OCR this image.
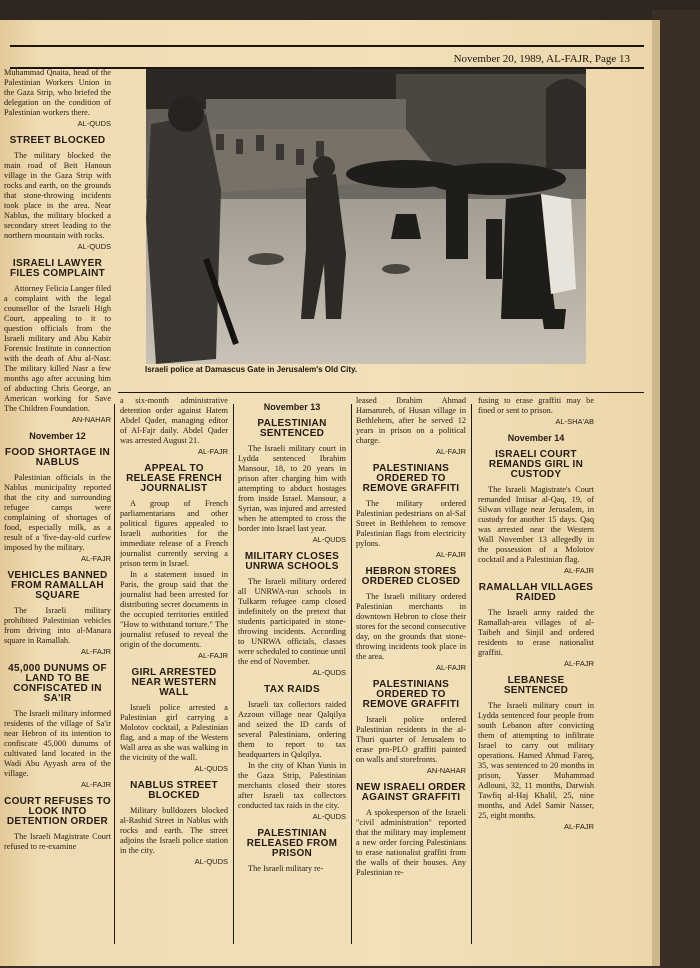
November 20, 1989, AL-FAJR, Page 13
Israeli police at Damascus Gate in Jerusalem's Old City.

Muhammad Qnaita, head of the Palestinian Workers Union in the Gaza Strip, who briefed the delegation on the condition of Palestinian workers there.

AL-QUDS
STREET BLOCKED

The military blocked the main road of Beit Hanoun village in the Gaza Strip with rocks and earth, on the grounds that stone-throwing incidents took place in the area. Near Nablus, the military blocked a secondary street leading to the northern mountain with rocks.

AL-QUDS
ISRAELI LAWYER FILES COMPLAINT

Attorney Felicia Langer filed a complaint with the legal counsellor of the Israeli High Court, appealing to it to question officials from the Israeli military and Abu Kabir Forensic Institute in connection with the death of Abu al-Nasr. The military killed Nasr a few months ago after accusing him of abducting Chris George, an American working for Save The Children Foundation.

AN-NAHAR
November 12
FOOD SHORTAGE IN NABLUS

Palestinian officials in the Nablus municipality reported that the city and surrounding refugee camps were complaining of shortages of food, especially milk, as a result of a 'five-day-old curfew imposed by the military.

AL-FAJR
VEHICLES BANNED FROM RAMALLAH SQUARE

The Israeli military prohibited Palestinian vehicles from driving into al-Manara square in Ramallah.

AL-FAJR
45,000 DUNUMS OF LAND TO BE CONFISCATED IN SA'IR

The Israeli military informed residents of the village of Sa'ir near Hebron of its intention to confiscate 45,000 dunums of cultivated land located in the Wadi Abu Ayyash area of the village.

AL-FAJR
COURT REFUSES TO LOOK INTO DETENTION ORDER

The Israeli Magistrate Court refused to re-examine

a six-month administrative detention order against Hatem Abdel Qader, managing editor of Al-Fajr daily. Abdel Qader was arrested August 21.

AL-FAJR
APPEAL TO RELEASE FRENCH JOURNALIST

A group of French parliamentarians and other political figures appealed to Israeli authorities for the immediate release of a French journalist currently serving a prison term in Israel.

In a statement issued in Paris, the group said that the journalist had been arrested for distributing secret documents in the occupied territories entitled "How to withstand torture." The journalist refused to reveal the origin of the documents.

AL-FAJR
GIRL ARRESTED NEAR WESTERN WALL

Israeli police arrested a Palestinian girl carrying a Molotov cocktail, a Palestinian flag, and a map of the Western Wall area as she was walking in the vicinity of the wall.

AL-QUDS
NABLUS STREET BLOCKED

Military bulldozers blocked al-Rashid Street in Nablus with rocks and earth. The street adjoins the Israeli police station in the city.

AL-QUDS
November 13
PALESTINIAN SENTENCED

The Israeli military court in Lydda sentenced Ibrahim Mansour, 18, to 20 years in prison after charging him with attempting to abduct hostages from inside Israel. Mansour, a Syrian, was injured and arrested when he attempted to cross the border into Israel last year.

AL-QUDS
MILITARY CLOSES UNRWA SCHOOLS

The Israeli military ordered all UNRWA-run schools in Tulkarm refugee camp closed indefinitely on the pretext that students participated in stone-throwing incidents. According to UNRWA officials, classes were scheduled to continue until the end of November.

AL-QUDS
TAX RAIDS

Israeli tax collectors raided Azzoun village near Qalqilya and seized the ID cards of several Palestinians, ordering them to report to tax headquarters in Qalqilya.

In the city of Khan Yunis in the Gaza Strip, Palestinian merchants closed their stores after Israeli tax collectors conducted tax raids in the city.

AL-QUDS
PALESTINIAN RELEASED FROM PRISON

The Israeli military re-

leased Ibrahim Ahmad Hamamreh, of Husan village in Bethlehem, after he served 12 years in prison on a political charge.

AL-FAJR
PALESTINIANS ORDERED TO REMOVE GRAFFITI

The military ordered Palestinian pedestrians on al-Saf Street in Bethlehem to remove Palestinian flags from electricity pylons.

AL-FAJR
HEBRON STORES ORDERED CLOSED

The Israeli military ordered Palestinian merchants in downtown Hebron to close their stores for the second consecutive day, on the grounds that stone-throwing incidents took place in the area.

AL-FAJR
PALESTINIANS ORDERED TO REMOVE GRAFFITI

Israeli police ordered Palestinian residents in the al-Thuri quarter of Jerusalem to erase pro-PLO graffiti painted on walls and storefronts.

AN-NAHAR
NEW ISRAELI ORDER AGAINST GRAFFITI

A spokesperson of the Israeli "civil administration" reported that the military may implement a new order forcing Palestinians to erase nationalist graffiti from the walls of their houses. Any Palestinian re-

fusing to erase graffiti may be fined or sent to prison.

AL-SHA'AB
November 14
ISRAELI COURT REMANDS GIRL IN CUSTODY

The Israeli Magistrate's Court remanded Intisar al-Qaq, 19, of Silwan village near Jerusalem, in custody for another 15 days. Qaq was arrested near the Western Wall November 13 allegedly in the possession of a Molotov cocktail and a Palestinian flag.

AL-FAJR
RAMALLAH VILLAGES RAIDED

The Israeli army raided the Ramallah-area villages of al-Taibeh and Sinjil and ordered residents to erase nationalist graffiti.

AL-FAJR
LEBANESE SENTENCED

The Israeli military court in Lydda sentenced four people from south Lebanon after convicting them of attempting to infiltrate Israel to carry out military operations. Hamed Ahmad Fareq, 35, was sentenced to 20 months in prison, Yasser Muhammad Adlouni, 32, 11 months, Darwish Tawfiq al-Haj Khalil, 25, nine months, and Adel Samir Nasser, 25, eight months.

AL-FAJR
